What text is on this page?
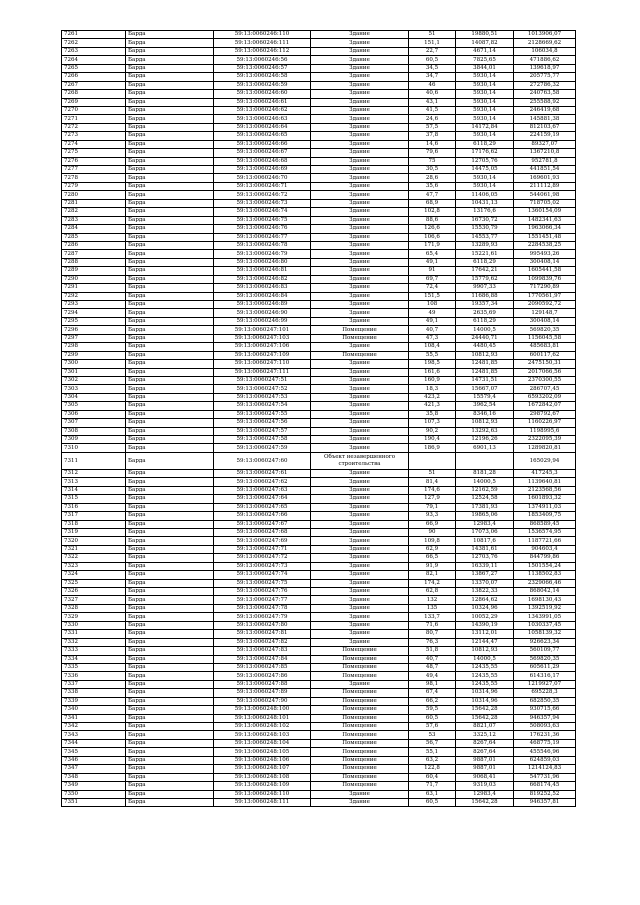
7261	Барда	59:13:0060246:110	Здание	51	19880,51	1013906,07
7262	Барда	59:13:0060246:111	Здание	151,1	14087,82	2128669,62
7263	Барда	59:13:0060246:112	Здание	22,7	4671,14	106034,8
7264	Барда	59:13:0060246:56	Здание	60,5	7825,65	471886,62
7265	Барда	59:13:0060246:57	Здание	34,5	3844,01	139618,97
7266	Барда	59:13:0060246:58	Здание	34,7	5930,14	205775,77
7267	Барда	59:13:0060246:59	Здание	46	5930,14	272786,32
7268	Барда	59:13:0060246:60	Здание	40,6	5930,14	240763,58
7269	Барда	59:13:0060246:61	Здание	43,1	5930,14	255588,92
7270	Барда	59:13:0060246:62	Здание	41,5	5930,14	246419,68
7271	Барда	59:13:0060246:63	Здание	24,6	5930,14	145881,38
7272	Барда	59:13:0060246:64	Здание	57,5	14172,84	812103,67
7273	Барда	59:13:0060246:65	Здание	37,8	5930,14	224159,19
7274	Барда	59:13:0060246:66	Здание	14,6	6118,29	89327,07
7275	Барда	59:13:0060246:67	Здание	79,6	17176,62	1367210,8
7276	Барда	59:13:0060246:68	Здание	75	12705,76	952781,8
7277	Барда	59:13:0060246:69	Здание	30,5	14475,05	441851,54
7278	Барда	59:13:0060246:70	Здание	28,6	5930,14	169601,93
7279	Барда	59:13:0060246:71	Здание	35,6	5930,14	211112,89
7280	Барда	59:13:0060246:72	Здание	47,7	11406,05	544061,98
7281	Барда	59:13:0060246:73	Здание	68,9	10431,13	718705,02
7282	Барда	59:13:0060246:74	Здание	102,8	13176,6	1360154,09
7283	Барда	59:13:0060246:75	Здание	88,6	16730,72	1482341,63
7284	Барда	59:13:0060246:76	Здание	126,6	15530,79	1963066,34
7285	Барда	59:13:0060246:77	Здание	106,6	14553,77	1551451,48
7286	Барда	59:13:0060246:78	Здание	171,9	13289,93	2284538,25
7287	Барда	59:13:0060246:79	Здание	65,4	15221,61	995493,26
7288	Барда	59:13:0060246:80	Здание	49,1	6118,29	300408,14
7289	Барда	59:13:0060246:81	Здание	91	17642,21	1605441,58
7290	Барда	59:13:0060246:82	Здание	69,7	15779,62	1099839,76
7291	Барда	59:13:0060246:83	Здание	72,4	9907,33	717290,89
7292	Барда	59:13:0060246:84	Здание	151,5	11686,88	1770561,97
7293	Барда	59:13:0060246:89	Здание	108	19357,34	2090592,72
7294	Барда	59:13:0060246:90	Здание	49	2635,69	129148,7
7295	Барда	59:13:0060246:99	Здание	49,1	6118,29	300408,14
7296	Барда	59:13:0060247:101	Помещение	40,7	14000,5	569820,35
7297	Барда	59:13:0060247:103	Помещение	47,3	24440,71	1156045,58
7298	Барда	59:13:0060247:106	Здание	108,4	4480,45	485683,81
7299	Барда	59:13:0060247:109	Помещение	55,5	10812,93	600117,62
7300	Барда	59:13:0060247:110	Здание	198,5	12481,85	2475150,31
7301	Барда	59:13:0060247:111	Здание	161,6	12481,85	2017066,56
7302	Барда	59:13:0060247:51	Здание	160,9	14731,51	2370300,55
7303	Барда	59:13:0060247:52	Здание	18,3	15667,07	286707,45
7304	Барда	59:13:0060247:53	Здание	423,2	15579,4	6593202,09
7305	Барда	59:13:0060247:54	Здание	421,3	3962,54	1672842,07
7306	Барда	59:13:0060247:55	Здание	35,8	8346,16	298792,67
7307	Барда	59:13:0060247:56	Здание	107,3	10812,93	1160226,97
7308	Барда	59:13:0060247:57	Здание	90,2	13292,63	1198995,6
7309	Барда	59:13:0060247:58	Здание	190,4	12196,26	2322095,39
7310	Барда	59:13:0060247:59	Здание	186,9	6901,13	1289820,81
7311	Барда	59:13:0060247:60	Объект незавершенного строительства			165029,94
7312	Барда	59:13:0060247:61	Здание	51	8181,28	417245,3
7313	Барда	59:13:0060247:62	Здание	81,4	14000,5	1139640,81
7314	Барда	59:13:0060247:63	Здание	174,6	12162,59	2123568,56
7315	Барда	59:13:0060247:64	Здание	127,9	12524,58	1601893,32
7316	Барда	59:13:0060247:65	Здание	79,1	17381,93	1374911,03
7317	Барда	59:13:0060247:66	Здание	93,3	19865,06	1853409,75
7318	Барда	59:13:0060247:67	Здание	66,9	12983,4	868589,45
7319	Барда	59:13:0060247:68	Здание	90	17073,06	1536574,95
7320	Барда	59:13:0060247:69	Здание	109,8	10817,6	1187721,66
7321	Барда	59:13:0060247:71	Здание	62,9	14381,61	904603,4
7322	Барда	59:13:0060247:72	Здание	66,5	12703,76	844799,86
7323	Барда	59:13:0060247:73	Здание	91,9	16339,11	1501554,24
7324	Барда	59:13:0060247:74	Здание	82,1	13867,27	1138502,83
7325	Барда	59:13:0060247:75	Здание	174,2	13370,07	2329066,46
7326	Барда	59:13:0060247:76	Здание	62,8	13822,33	868042,14
7327	Барда	59:13:0060247:77	Здание	132	12864,62	1698130,43
7328	Барда	59:13:0060247:78	Здание	135	10324,96	1392519,92
7329	Барда	59:13:0060247:79	Здание	133,7	10052,29	1343991,05
7330	Барда	59:13:0060247:80	Здание	71,6	14390,19	1030337,45
7331	Барда	59:13:0060247:81	Здание	80,7	13112,01	1058139,32
7332	Барда	59:13:0060247:82	Здание	76,3	12144,47	926623,34
7333	Барда	59:13:0060247:83	Помещение	51,8	10812,93	560109,77
7334	Барда	59:13:0060247:84	Помещение	40,7	14000,5	569820,35
7335	Барда	59:13:0060247:85	Помещение	48,7	12435,55	605611,29
7336	Барда	59:13:0060247:86	Помещение	49,4	12435,55	614316,17
7337	Барда	59:13:0060247:88	Здание	98,1	12435,55	1219927,07
7338	Барда	59:13:0060247:89	Помещение	67,4	10314,96	695228,3
7339	Барда	59:13:0060247:90	Помещение	66,2	10314,96	682850,35
7340	Барда	59:13:0060248:100	Помещение	59,5	15642,28	930715,66
7341	Барда	59:13:0060248:101	Помещение	60,5	15642,28	946357,94
7342	Барда	59:13:0060248:102	Помещение	57,6	8821,07	508093,63
7343	Барда	59:13:0060248:103	Помещение	53	3325,12	176231,36
7344	Барда	59:13:0060248:104	Помещение	56,7	8267,64	468775,19
7345	Барда	59:13:0060248:105	Помещение	55,1	8267,64	455546,96
7346	Барда	59:13:0060248:106	Помещение	63,2	9887,01	624859,03
7347	Барда	59:13:0060248:107	Помещение	122,8	9887,01	1214124,83
7348	Барда	59:13:0060248:108	Помещение	60,4	9068,41	547731,96
7349	Барда	59:13:0060248:109	Помещение	71,7	9319,03	668174,45
7350	Барда	59:13:0060248:110	Здание	63,1	12983,4	819252,52
7351	Барда	59:13:0060248:111	Здание	60,5	15642,28	946357,81
